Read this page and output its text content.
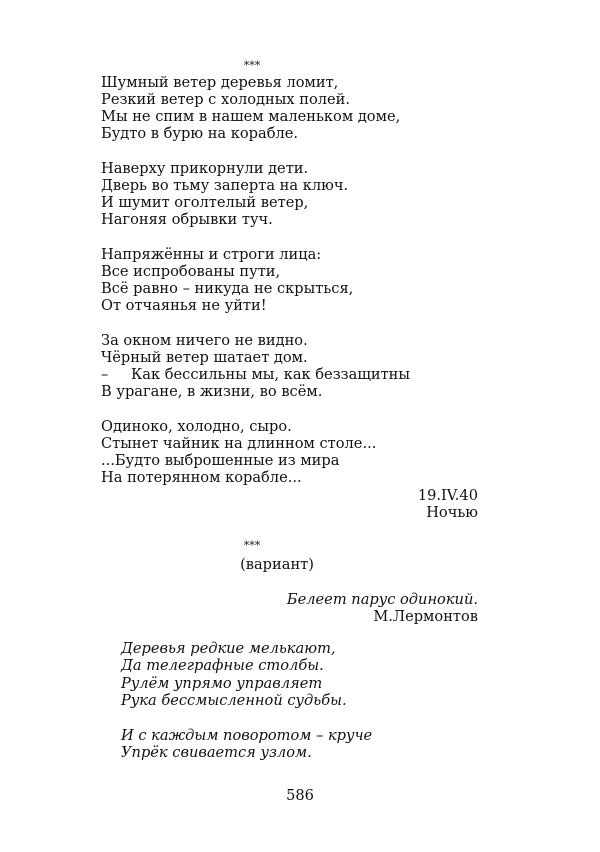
***
Шумный ветер деревья ломит,
Резкий ветер с холодных полей.
Мы не спим в нашем маленьком доме,
Будто в бурю на корабле.
Наверху прикорнули дети.
Дверь во тьму заперта на ключ.
И шумит оголтелый ветер,
Нагоняя обрывки туч.
Напряжённы и строги лица:
Все испробованы пути,
Всё равно – никуда не скрыться,
От отчаянья не уйти!
За окном ничего не видно.
Чёрный ветер шатает дом.
– Как бессильны мы, как беззащитны
В урагане, в жизни, во всём.
Одиноко, холодно, сыро.
Стынет чайник на длинном столе...
...Будто выброшенные из мира
На потерянном корабле...
19.IV.40
Ночью
***
(вариант)
Белеет парус одинокий.
М.Лермонтов
Деревья редкие мелькают,
Да телеграфные столбы.
Рулём упрямо управляет
Рука бессмысленной судьбы.
И с каждым поворотом – круче
Упрёк свивается узлом.
586
